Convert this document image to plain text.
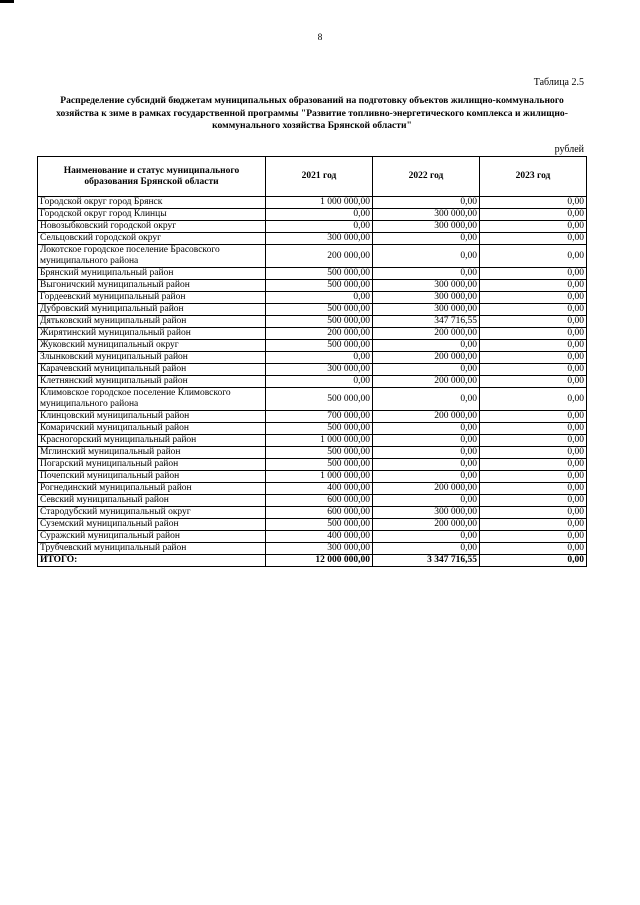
8
Таблица 2.5
Распределение субсидий бюджетам муниципальных образований на подготовку объектов жилищно-коммунального хозяйства к зиме в рамках государственной программы "Развитие топливно-энергетического комплекса и жилищно-коммунального хозяйства Брянской области"
рублей
Наименование и статус муниципального образования Брянской области	2021 год	2022 год	2023 год
Городской округ город Брянск	1 000 000,00	0,00	0,00
Городской округ город Клинцы	0,00	300 000,00	0,00
Новозыбковский городской округ	0,00	300 000,00	0,00
Сельцовский городской округ	300 000,00	0,00	0,00
Локотское городское поселение Брасовского муниципального района	200 000,00	0,00	0,00
Брянский муниципальный район	500 000,00	0,00	0,00
Выгоничский муниципальный район	500 000,00	300 000,00	0,00
Гордеевский муниципальный район	0,00	300 000,00	0,00
Дубровский муниципальный район	500 000,00	300 000,00	0,00
Дятьковский муниципальный район	500 000,00	347 716,55	0,00
Жирятинский муниципальный район	200 000,00	200 000,00	0,00
Жуковский муниципальный округ	500 000,00	0,00	0,00
Злынковский муниципальный район	0,00	200 000,00	0,00
Карачевский муниципальный район	300 000,00	0,00	0,00
Клетнянский муниципальный район	0,00	200 000,00	0,00
Климовское городское поселение Климовского муниципального района	500 000,00	0,00	0,00
Клинцовский муниципальный район	700 000,00	200 000,00	0,00
Комаричский муниципальный район	500 000,00	0,00	0,00
Красногорский муниципальный район	1 000 000,00	0,00	0,00
Мглинский муниципальный район	500 000,00	0,00	0,00
Погарский муниципальный район	500 000,00	0,00	0,00
Почепский муниципальный район	1 000 000,00	0,00	0,00
Рогнединский муниципальный район	400 000,00	200 000,00	0,00
Севский муниципальный район	600 000,00	0,00	0,00
Стародубский муниципальный округ	600 000,00	300 000,00	0,00
Суземский муниципальный район	500 000,00	200 000,00	0,00
Суражский муниципальный район	400 000,00	0,00	0,00
Трубчевский муниципальный район	300 000,00	0,00	0,00
ИТОГО:	12 000 000,00	3 347 716,55	0,00
